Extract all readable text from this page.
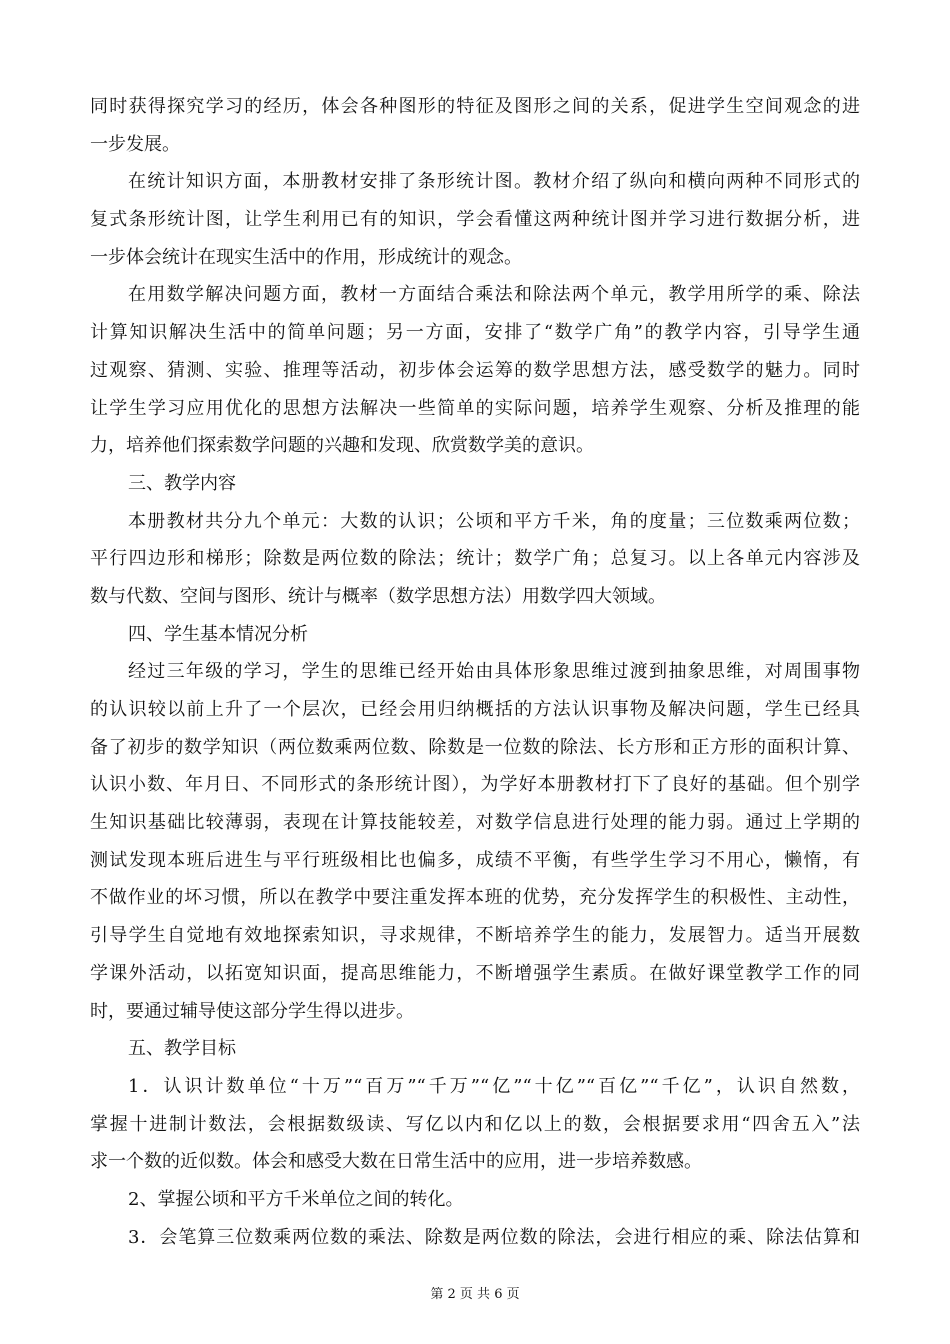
同时获得探究学习的经历，体会各种图形的特征及图形之间的关系，促进学生空间观念的进
一步发展。
在统计知识方面，本册教材安排了条形统计图。教材介绍了纵向和横向两种不同形式的
复式条形统计图，让学生利用已有的知识，学会看懂这两种统计图并学习进行数据分析，进
一步体会统计在现实生活中的作用，形成统计的观念。
在用数学解决问题方面，教材一方面结合乘法和除法两个单元，教学用所学的乘、除法
计算知识解决生活中的简单问题；另一方面，安排了“数学广角”的教学内容，引导学生通
过观察、猜测、实验、推理等活动，初步体会运筹的数学思想方法，感受数学的魅力。同时
让学生学习应用优化的思想方法解决一些简单的实际问题，培养学生观察、分析及推理的能
力，培养他们探索数学问题的兴趣和发现、欣赏数学美的意识。
三、教学内容
本册教材共分九个单元：大数的认识；公顷和平方千米，角的度量；三位数乘两位数；
平行四边形和梯形；除数是两位数的除法；统计；数学广角；总复习。以上各单元内容涉及
数与代数、空间与图形、统计与概率（数学思想方法）用数学四大领域。
四、学生基本情况分析
经过三年级的学习，学生的思维已经开始由具体形象思维过渡到抽象思维，对周围事物
的认识较以前上升了一个层次，已经会用归纳概括的方法认识事物及解决问题，学生已经具
备了初步的数学知识（两位数乘两位数、除数是一位数的除法、长方形和正方形的面积计算、
认识小数、年月日、不同形式的条形统计图），为学好本册教材打下了良好的基础。但个别学
生知识基础比较薄弱，表现在计算技能较差，对数学信息进行处理的能力弱。通过上学期的
测试发现本班后进生与平行班级相比也偏多，成绩不平衡，有些学生学习不用心，懒惰，有
不做作业的坏习惯，所以在教学中要注重发挥本班的优势，充分发挥学生的积极性、主动性，
引导学生自觉地有效地探索知识，寻求规律，不断培养学生的能力，发展智力。适当开展数
学课外活动，以拓宽知识面，提高思维能力，不断增强学生素质。在做好课堂教学工作的同
时，要通过辅导使这部分学生得以进步。
五、教学目标
1．认识计数单位“十万”“百万”“千万”“亿”“十亿”“百亿”“千亿”，认识自然数，
掌握十进制计数法，会根据数级读、写亿以内和亿以上的数，会根据要求用“四舍五入”法
求一个数的近似数。体会和感受大数在日常生活中的应用，进一步培养数感。
2、掌握公顷和平方千米单位之间的转化。
3．会笔算三位数乘两位数的乘法、除数是两位数的除法，会进行相应的乘、除法估算和
第 2 页 共 6 页
